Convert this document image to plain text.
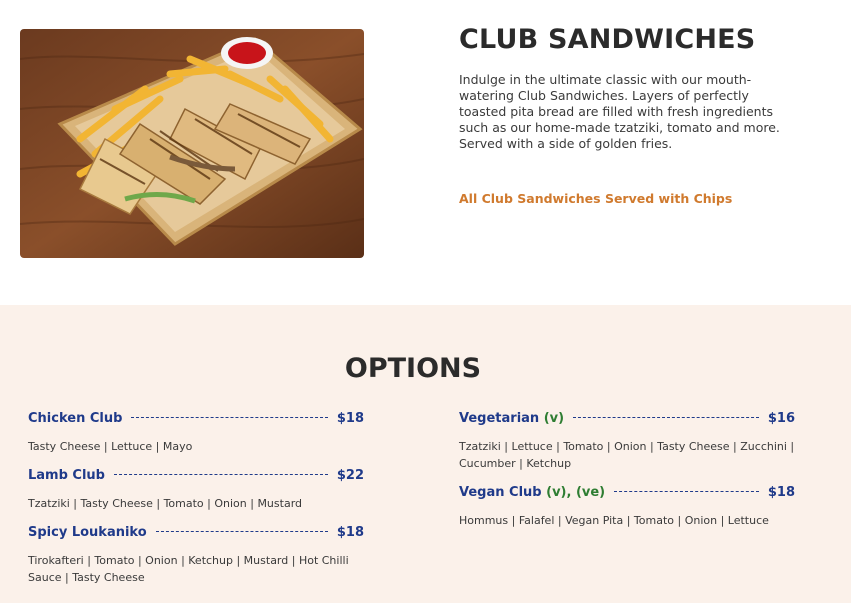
CLUB SANDWICHES

Indulge in the ultimate classic with our mouth-watering Club Sandwiches. Layers of perfectly toasted pita bread are filled with fresh ingredients such as our home-made tzatziki, tomato and more. Served with a side of golden fries.

All Club Sandwiches Served with Chips

OPTIONS
Chicken Club	$18
Tasty Cheese | Lettuce | Mayo
Lamb Club	$22
Tzatziki | Tasty Cheese | Tomato | Onion | Mustard
Spicy Loukaniko	$18
Tirokafteri | Tomato | Onion | Ketchup | Mustard | Hot Chilli Sauce | Tasty Cheese
Vegetarian (v)	$16
Tzatziki | Lettuce | Tomato | Onion | Tasty Cheese | Zucchini | Cucumber | Ketchup
Vegan Club (v), (ve)	$18
Hommus | Falafel | Vegan Pita | Tomato | Onion | Lettuce
